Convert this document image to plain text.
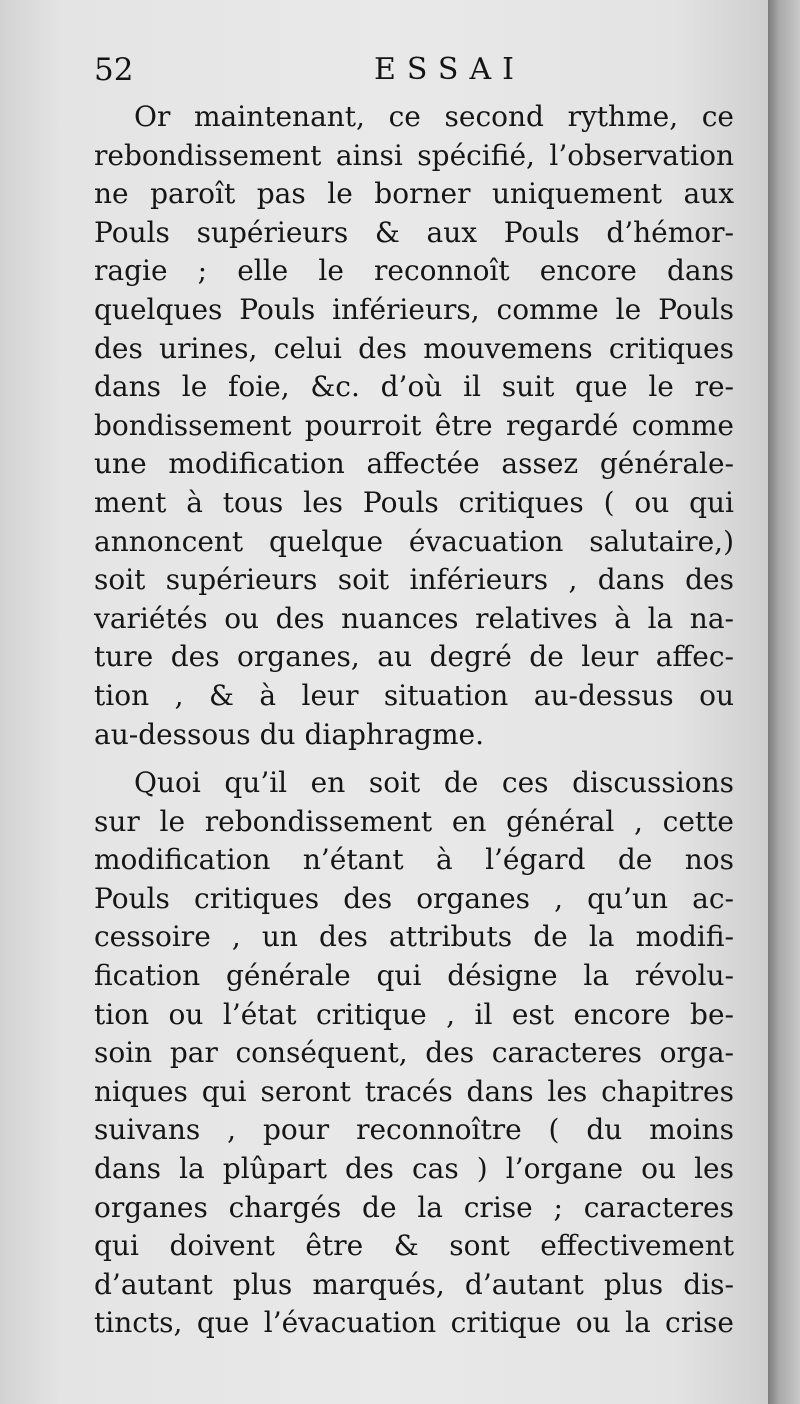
52	ESSAI
Or maintenant, ce second rythme, ce
rebondissement ainsi spécifié, l’observation
ne paroît pas le borner uniquement aux
Pouls supérieurs & aux Pouls d’hémor-
ragie ; elle le reconnoît encore dans
quelques Pouls inférieurs, comme le Pouls
des urines, celui des mouvemens critiques
dans le foie, &c. d’où il suit que le re-
bondissement pourroit être regardé comme
une modification affectée assez générale-
ment à tous les Pouls critiques ( ou qui
annoncent quelque évacuation salutaire,)
soit supérieurs soit inférieurs , dans des
variétés ou des nuances relatives à la na-
ture des organes, au degré de leur affec-
tion , & à leur situation au-dessus ou
au-dessous du diaphragme.
Quoi qu’il en soit de ces discussions
sur le rebondissement en général , cette
modification n’étant à l’égard de nos
Pouls critiques des organes , qu’un ac-
cessoire , un des attributs de la modifi-
fication générale qui désigne la révolu-
tion ou l’état critique , il est encore be-
soin par conséquent, des caracteres orga-
niques qui seront tracés dans les chapitres
suivans , pour reconnoître ( du moins
dans la plûpart des cas ) l’organe ou les
organes chargés de la crise ; caracteres
qui doivent être & sont effectivement
d’autant plus marqués, d’autant plus dis-
tincts, que l’évacuation critique ou la crise
